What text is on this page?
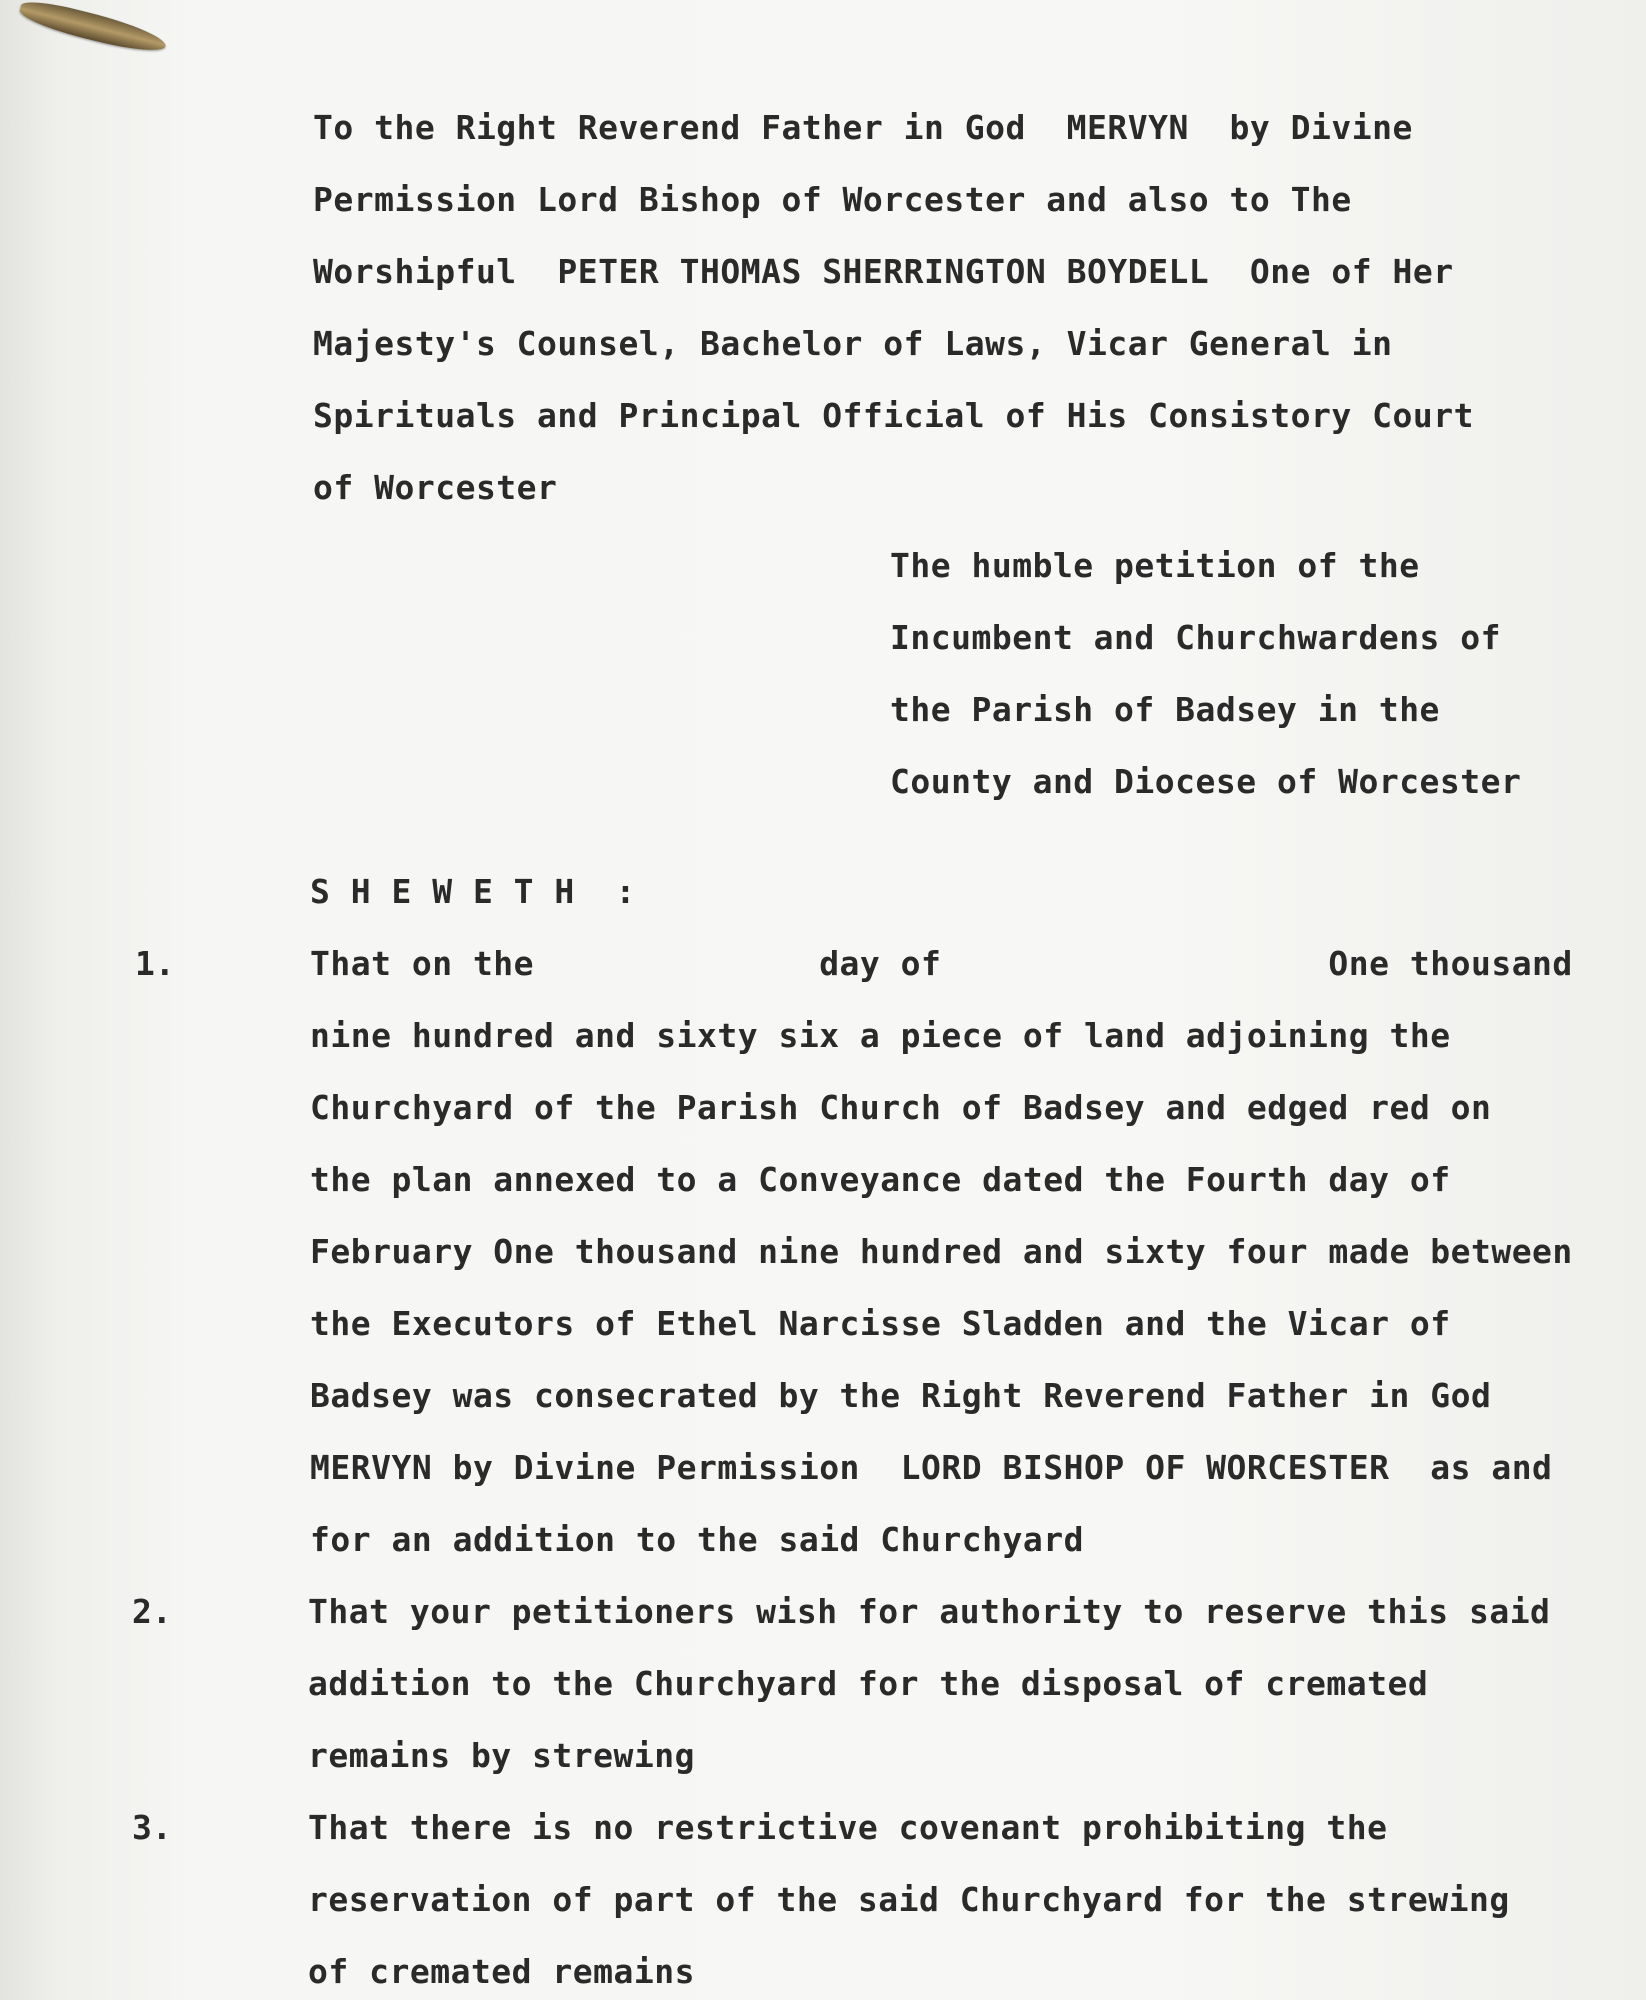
To the Right Reverend Father in God  MERVYN  by Divine
Permission Lord Bishop of Worcester and also to The
Worshipful  PETER THOMAS SHERRINGTON BOYDELL  One of Her
Majesty's Counsel, Bachelor of Laws, Vicar General in
Spirituals and Principal Official of His Consistory Court
of Worcester
The humble petition of the
Incumbent and Churchwardens of
the Parish of Badsey in the
County and Diocese of Worcester
S H E W E T H  :
1.	That on the              day of                   One thousand
nine hundred and sixty six a piece of land adjoining the
Churchyard of the Parish Church of Badsey and edged red on
the plan annexed to a Conveyance dated the Fourth day of
February One thousand nine hundred and sixty four made between
the Executors of Ethel Narcisse Sladden and the Vicar of
Badsey was consecrated by the Right Reverend Father in God
MERVYN by Divine Permission  LORD BISHOP OF WORCESTER  as and
for an addition to the said Churchyard
2.	That your petitioners wish for authority to reserve this said
addition to the Churchyard for the disposal of cremated
remains by strewing
3.	That there is no restrictive covenant prohibiting the
reservation of part of the said Churchyard for the strewing
of cremated remains
